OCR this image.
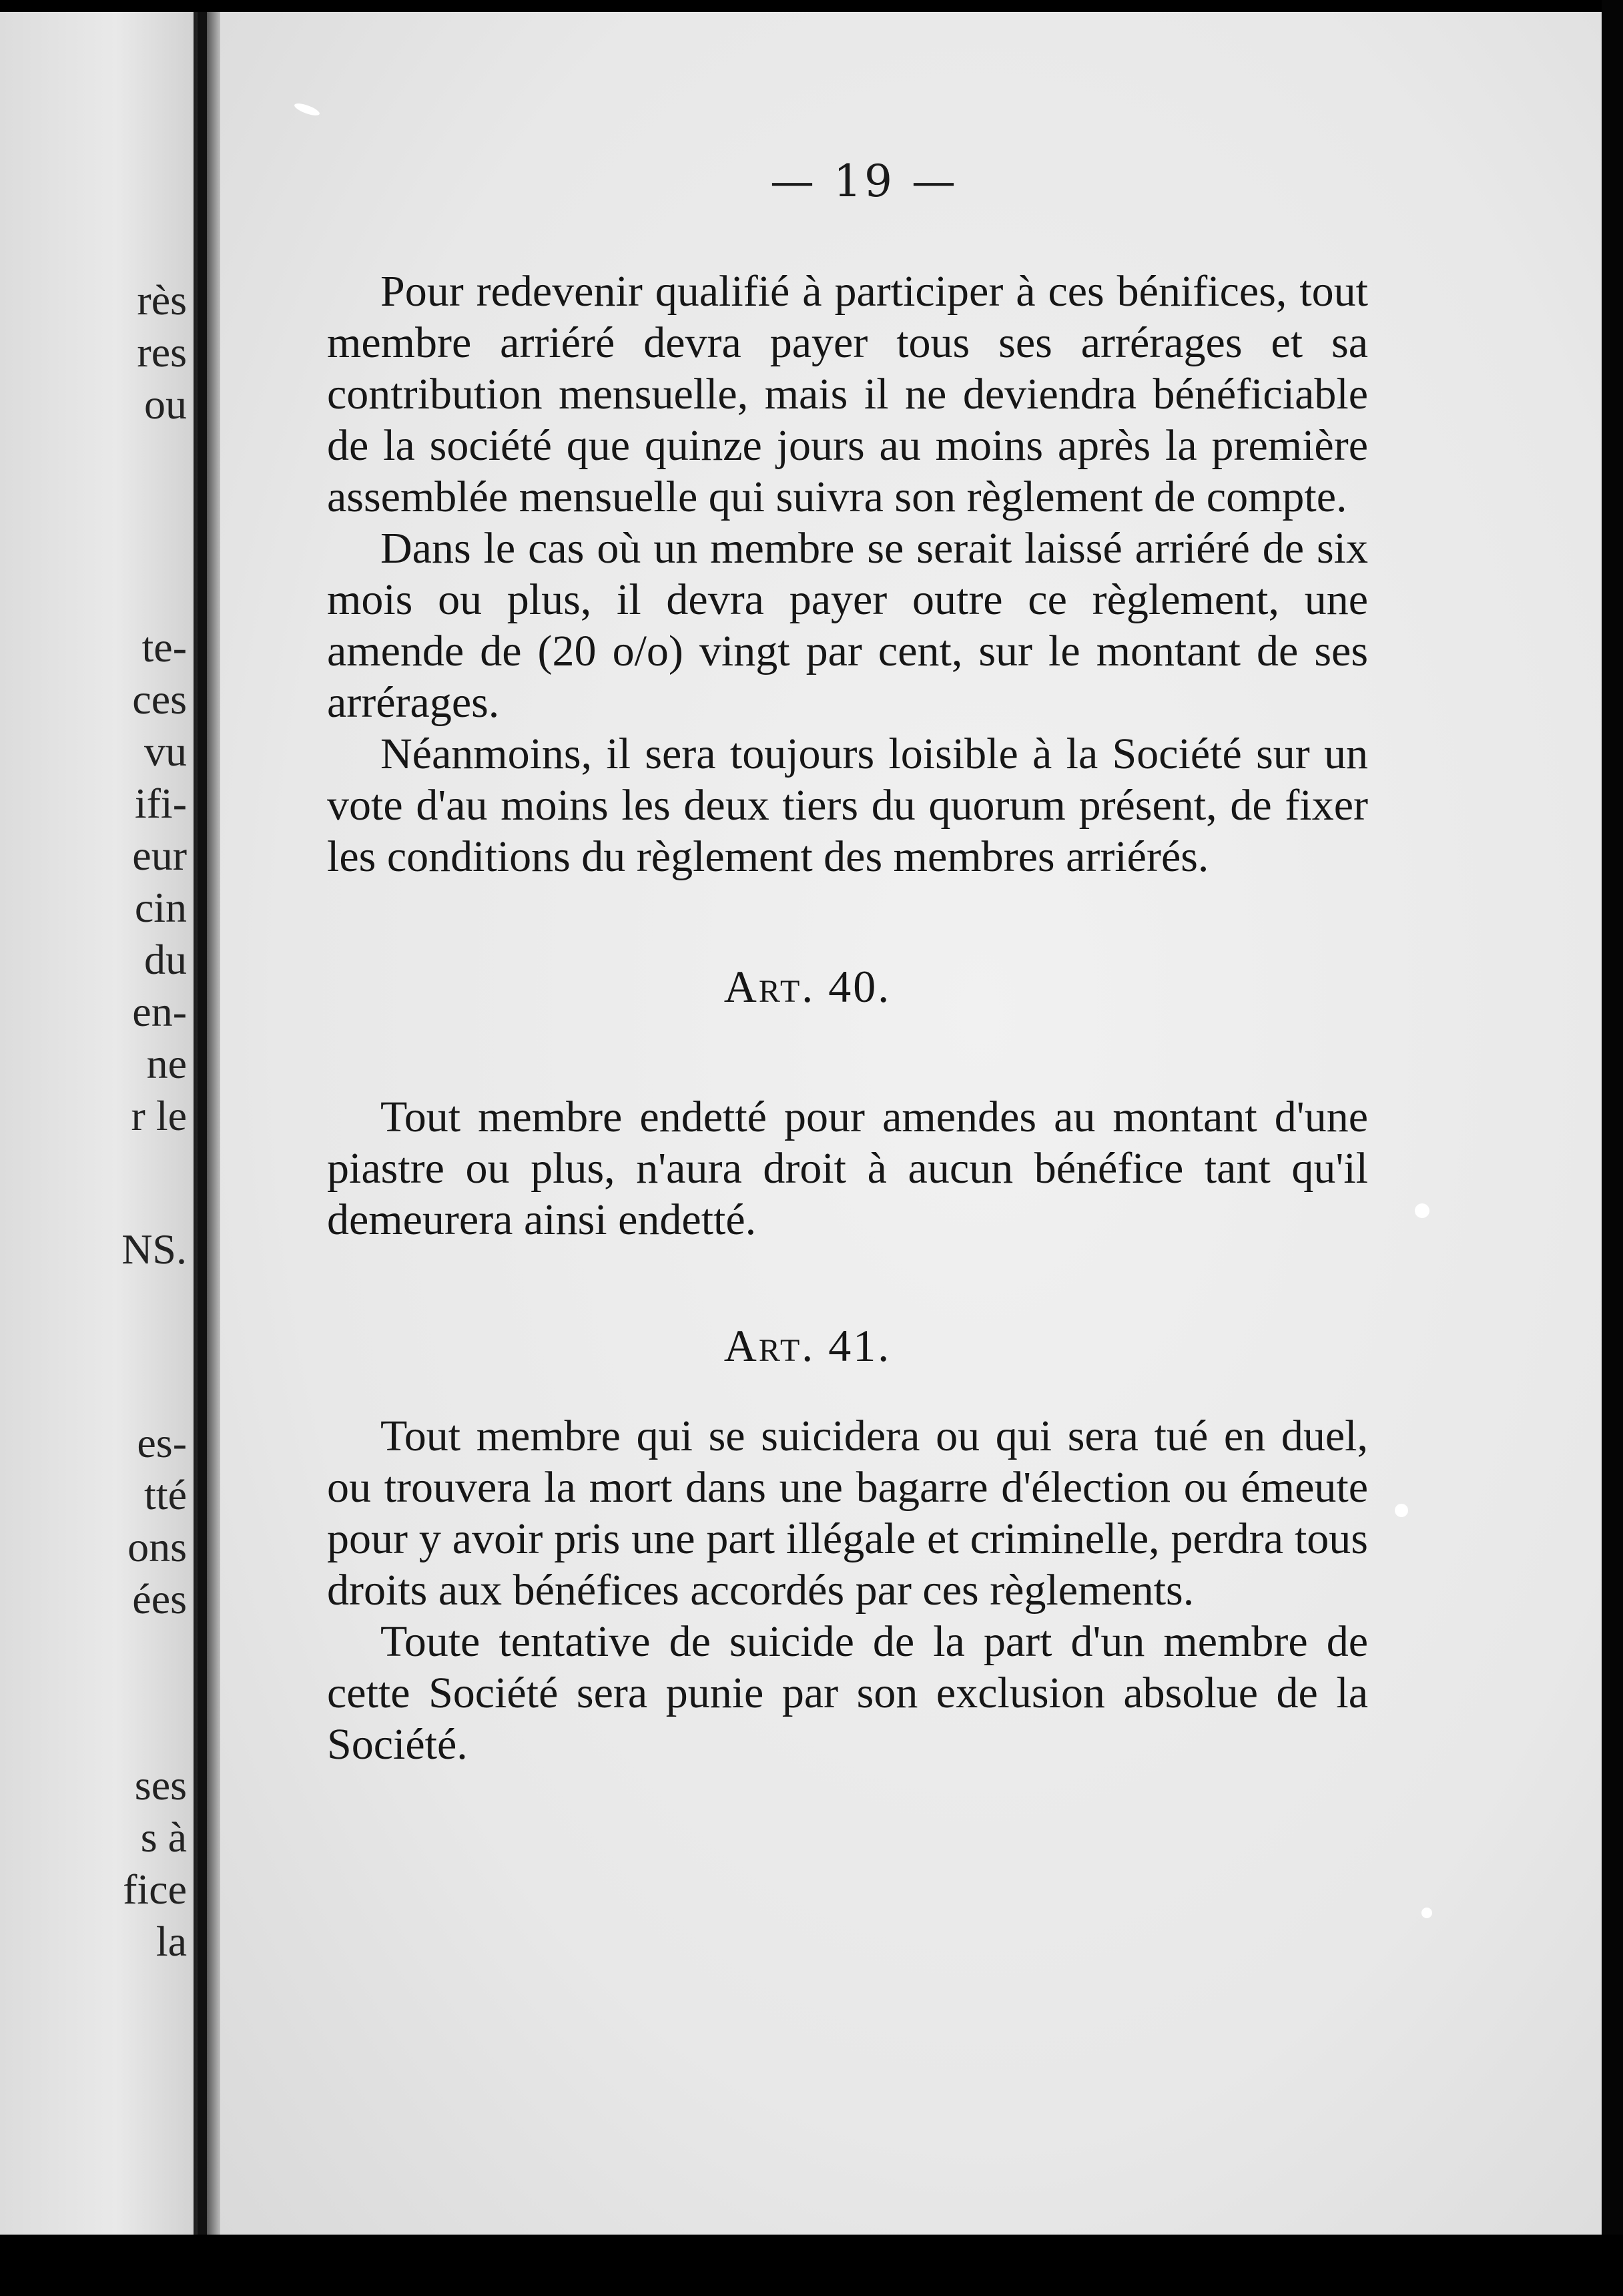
rès
res
ou
te-
ces
vu
ifi-
eur
cin
du
en-
ne
r le
NS.
es-
tté
ons
ées
ses
s à
fice
la
— 19 —

Pour redevenir qualifié à participer à ces bénifices, tout membre arriéré devra payer tous ses arrérages et sa contribution mensuelle, mais il ne deviendra bénéficiable de la société que quinze jours au moins après la première assemblée mensuelle qui suivra son règlement de compte.

Dans le cas où un membre se serait laissé arriéré de six mois ou plus, il devra payer outre ce règlement, une amende de (20 o/o) vingt par cent, sur le montant de ses arrérages.

Néanmoins, il sera toujours loisible à la Société sur un vote d'au moins les deux tiers du quorum présent, de fixer les conditions du règlement des membres arriérés.

Art. 40.

Tout membre endetté pour amendes au montant d'une piastre ou plus, n'aura droit à aucun bénéfice tant qu'il demeurera ainsi endetté.

Art. 41.

Tout membre qui se suicidera ou qui sera tué en duel, ou trouvera la mort dans une bagarre d'élection ou émeute pour y avoir pris une part illégale et criminelle, perdra tous droits aux bénéfices accordés par ces règlements.

Toute tentative de suicide de la part d'un membre de cette Société sera punie par son exclusion absolue de la Société.
